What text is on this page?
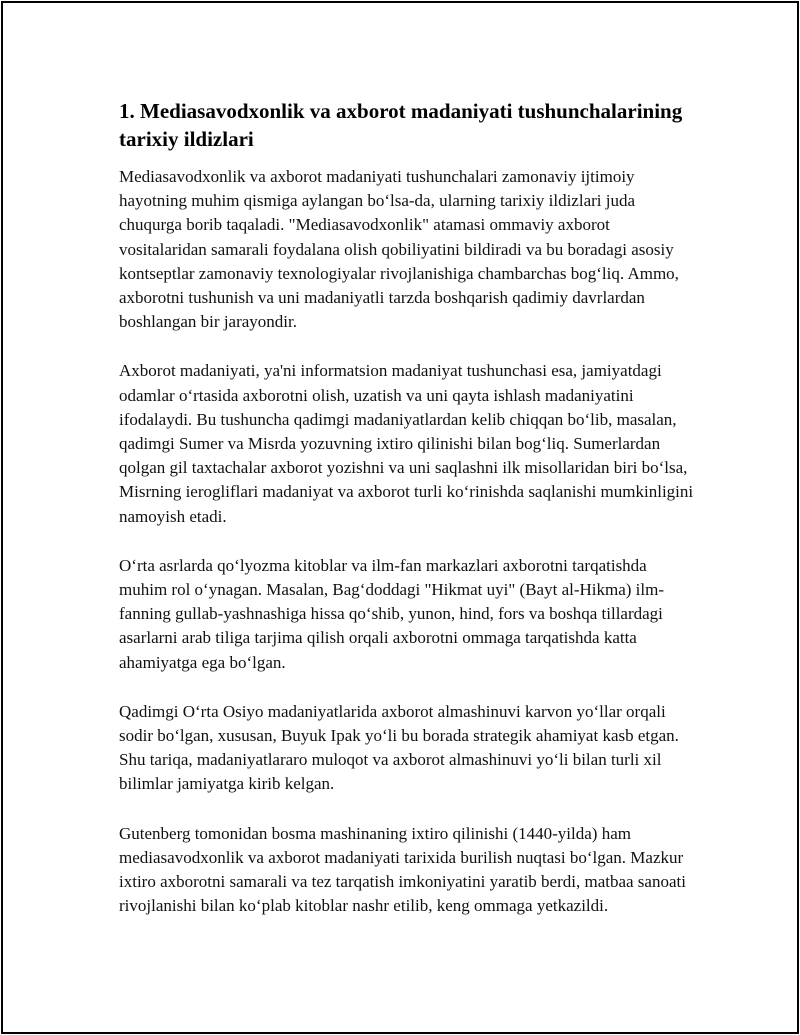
1. Mediasavodxonlik va axborot madaniyati tushunchalarining tarixiy ildizlari

Mediasavodxonlik va axborot madaniyati tushunchalari zamonaviy ijtimoiy hayotning muhim qismiga aylangan bo‘lsa-da, ularning tarixiy ildizlari juda chuqurga borib taqaladi. "Mediasavodxonlik" atamasi ommaviy axborot vositalaridan samarali foydalana olish qobiliyatini bildiradi va bu boradagi asosiy kontseptlar zamonaviy texnologiyalar rivojlanishiga chambarchas bog‘liq. Ammo, axborotni tushunish va uni madaniyatli tarzda boshqarish qadimiy davrlardan boshlangan bir jarayondir.

Axborot madaniyati, ya'ni informatsion madaniyat tushunchasi esa, jamiyatdagi odamlar o‘rtasida axborotni olish, uzatish va uni qayta ishlash madaniyatini ifodalaydi. Bu tushuncha qadimgi madaniyatlardan kelib chiqqan bo‘lib, masalan, qadimgi Sumer va Misrda yozuvning ixtiro qilinishi bilan bog‘liq. Sumerlardan qolgan gil taxtachalar axborot yozishni va uni saqlashni ilk misollaridan biri bo‘lsa, Misrning ierogliflari madaniyat va axborot turli ko‘rinishda saqlanishi mumkinligini namoyish etadi.

O‘rta asrlarda qo‘lyozma kitoblar va ilm-fan markazlari axborotni tarqatishda muhim rol o‘ynagan. Masalan, Bag‘doddagi "Hikmat uyi" (Bayt al-Hikma) ilm-fanning gullab-yashnashiga hissa qo‘shib, yunon, hind, fors va boshqa tillardagi asarlarni arab tiliga tarjima qilish orqali axborotni ommaga tarqatishda katta ahamiyatga ega bo‘lgan.

Qadimgi O‘rta Osiyo madaniyatlarida axborot almashinuvi karvon yo‘llar orqali sodir bo‘lgan, xususan, Buyuk Ipak yo‘li bu borada strategik ahamiyat kasb etgan. Shu tariqa, madaniyatlararo muloqot va axborot almashinuvi yo‘li bilan turli xil bilimlar jamiyatga kirib kelgan.

Gutenberg tomonidan bosma mashinaning ixtiro qilinishi (1440-yilda) ham mediasavodxonlik va axborot madaniyati tarixida burilish nuqtasi bo‘lgan. Mazkur ixtiro axborotni samarali va tez tarqatish imkoniyatini yaratib berdi, matbaa sanoati rivojlanishi bilan ko‘plab kitoblar nashr etilib, keng ommaga yetkazildi.
